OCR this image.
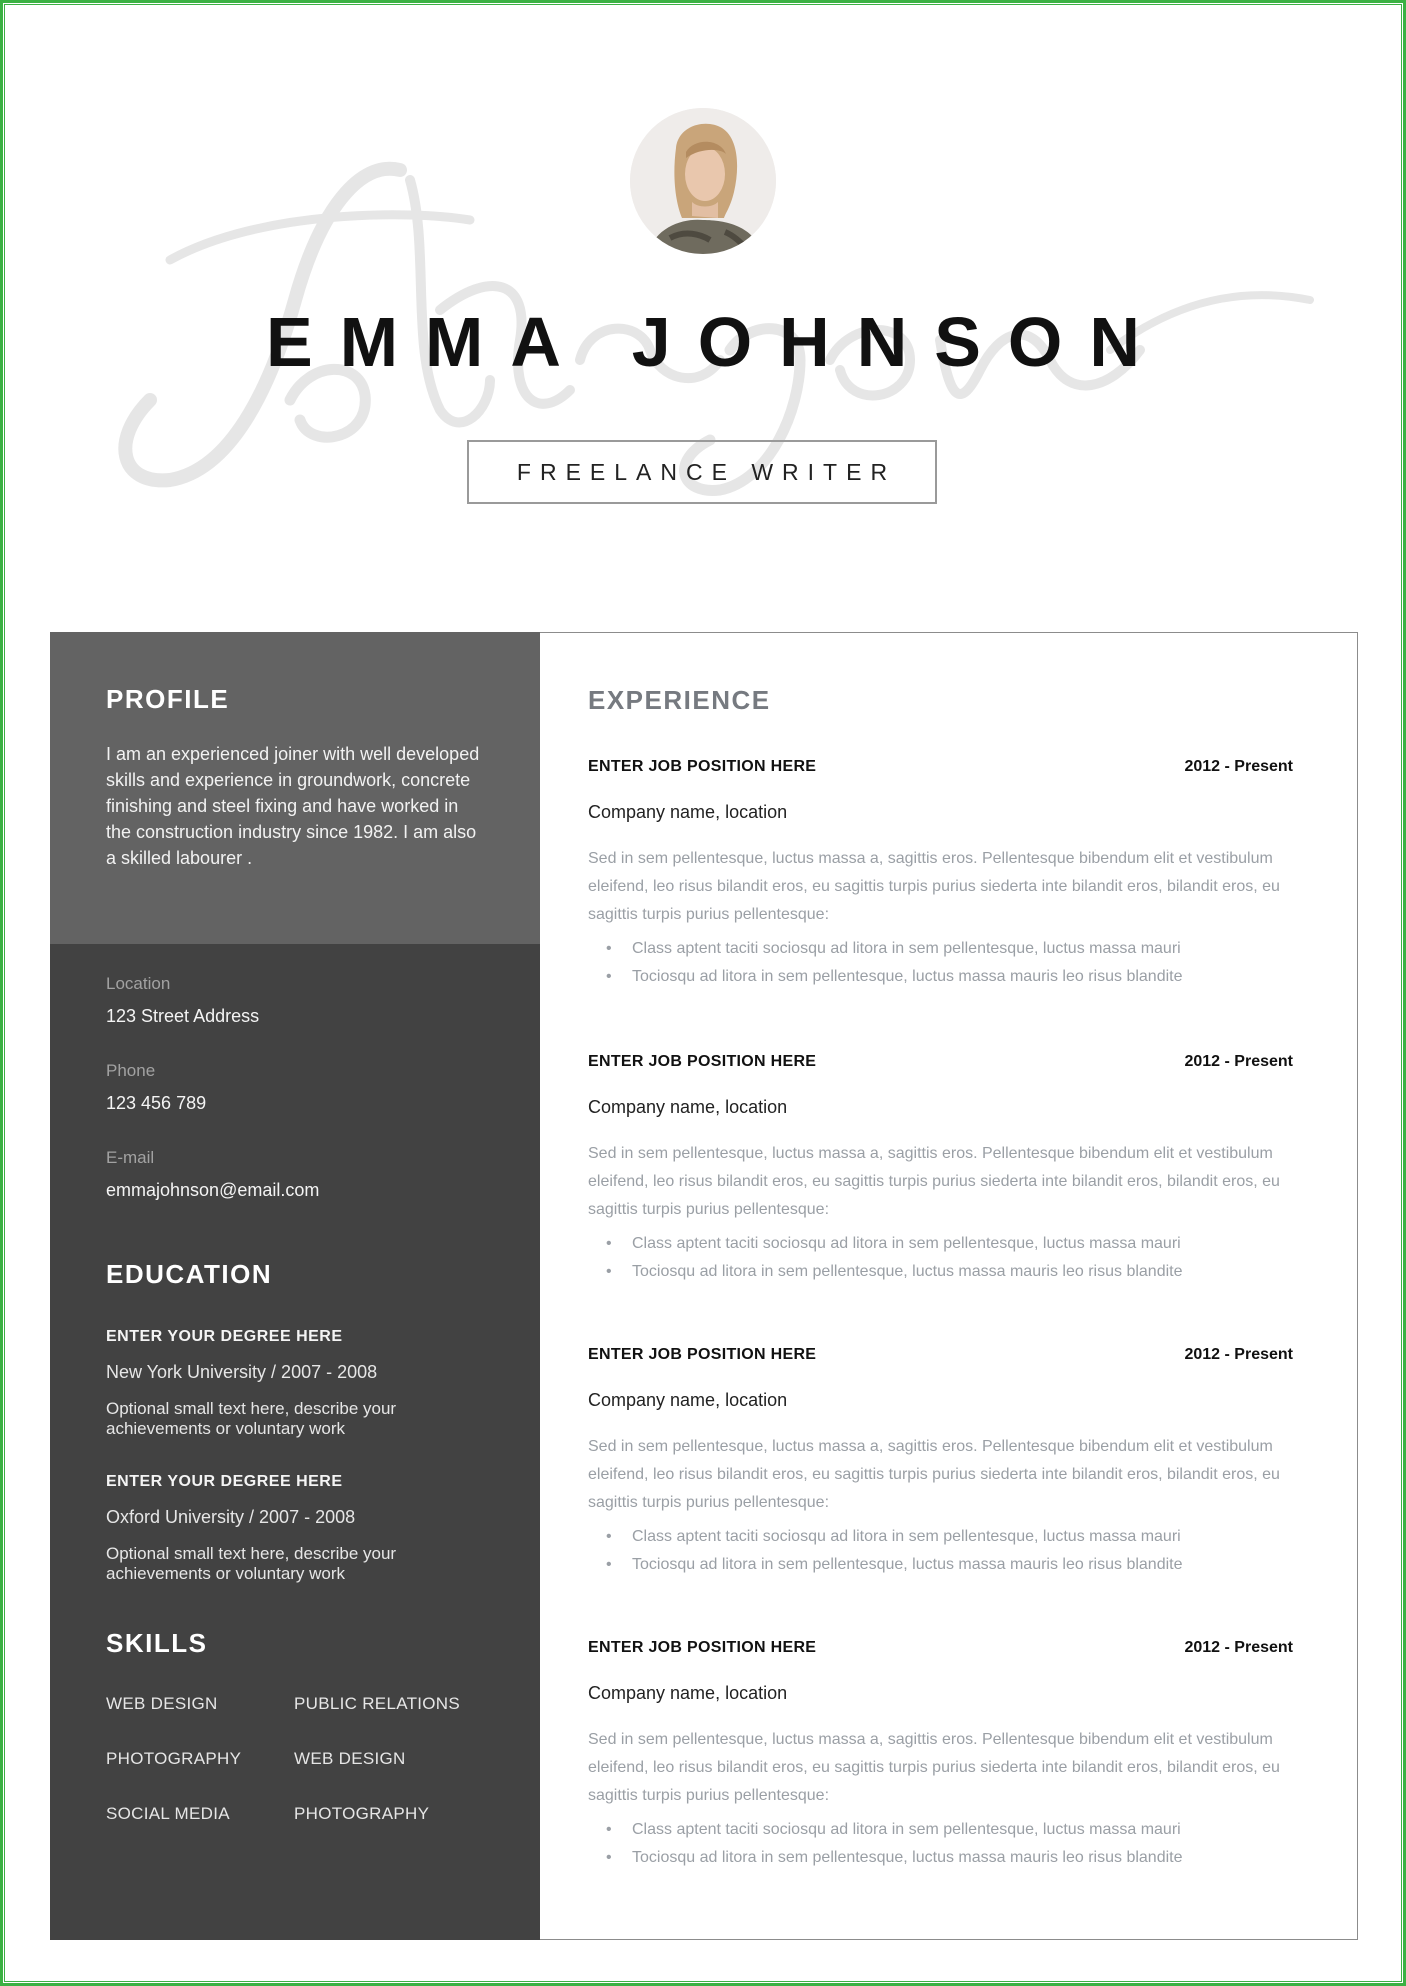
EMMA JOHNSON
FREELANCE WRITER
PROFILE
I am an experienced joiner with well developed skills and experience in groundwork, concrete finishing and steel fixing and have worked in the construction industry since 1982. I am also a skilled labourer .
Location
123 Street Address
Phone
123 456 789
E-mail
emmajohnson@email.com
EDUCATION
ENTER YOUR DEGREE HERE
New York University / 2007 - 2008
Optional small text here, describe your achievements or voluntary work
ENTER YOUR DEGREE HERE
Oxford University / 2007 - 2008
Optional small text here, describe your achievements or voluntary work
SKILLS
WEB DESIGN	PUBLIC RELATIONS
PHOTOGRAPHY	WEB DESIGN
SOCIAL MEDIA	PHOTOGRAPHY
EXPERIENCE
ENTER JOB POSITION HERE	2012 - Present
Company name, location
Sed in sem pellentesque, luctus massa a, sagittis eros. Pellentesque bibendum elit et vestibulum eleifend, leo risus bilandit eros, eu sagittis turpis purius siederta inte bilandit eros, bilandit eros, eu sagittis turpis purius pellentesque:
• Class aptent taciti sociosqu ad litora in sem pellentesque, luctus massa mauri
• Tociosqu ad litora in sem pellentesque, luctus massa mauris leo risus blandite
ENTER JOB POSITION HERE	2012 - Present
Company name, location
Sed in sem pellentesque, luctus massa a, sagittis eros. Pellentesque bibendum elit et vestibulum eleifend, leo risus bilandit eros, eu sagittis turpis purius siederta inte bilandit eros, bilandit eros, eu sagittis turpis purius pellentesque:
• Class aptent taciti sociosqu ad litora in sem pellentesque, luctus massa mauri
• Tociosqu ad litora in sem pellentesque, luctus massa mauris leo risus blandite
ENTER JOB POSITION HERE	2012 - Present
Company name, location
Sed in sem pellentesque, luctus massa a, sagittis eros. Pellentesque bibendum elit et vestibulum eleifend, leo risus bilandit eros, eu sagittis turpis purius siederta inte bilandit eros, bilandit eros, eu sagittis turpis purius pellentesque:
• Class aptent taciti sociosqu ad litora in sem pellentesque, luctus massa mauri
• Tociosqu ad litora in sem pellentesque, luctus massa mauris leo risus blandite
ENTER JOB POSITION HERE	2012 - Present
Company name, location
Sed in sem pellentesque, luctus massa a, sagittis eros. Pellentesque bibendum elit et vestibulum eleifend, leo risus bilandit eros, eu sagittis turpis purius siederta inte bilandit eros, bilandit eros, eu sagittis turpis purius pellentesque:
• Class aptent taciti sociosqu ad litora in sem pellentesque, luctus massa mauri
• Tociosqu ad litora in sem pellentesque, luctus massa mauris leo risus blandite
